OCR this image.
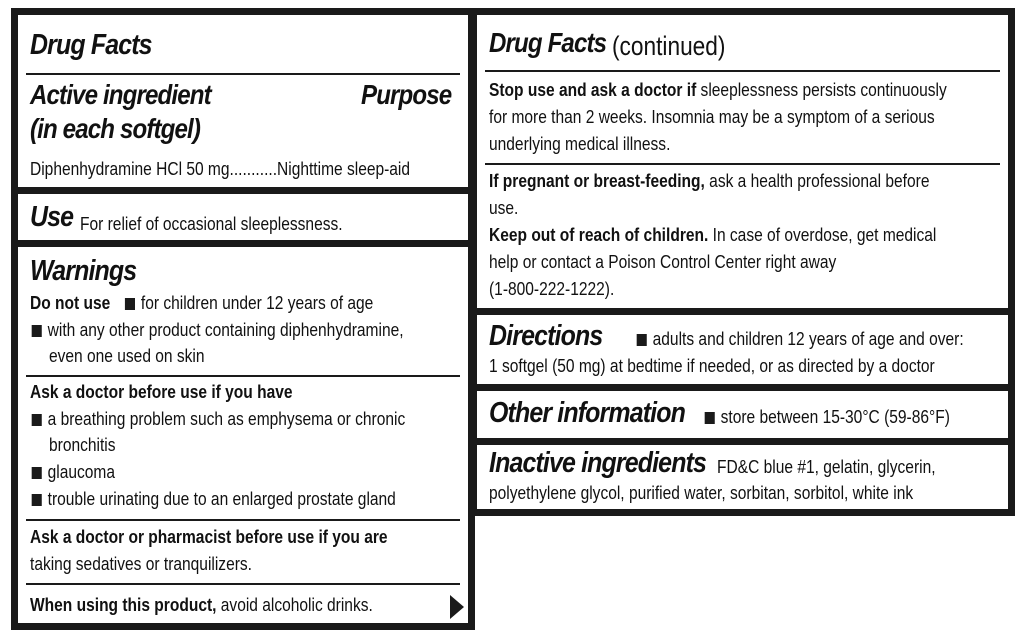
Drug Facts
Active ingredient
(in each softgel)
Purpose
Diphenhydramine HCl 50 mg...........Nighttime sleep-aid
Use For relief of occasional sleeplessness.
Warnings
Do not use for children under 12 years of age
with any other product containing diphenhydramine,
even one used on skin
Ask a doctor before use if you have
a breathing problem such as emphysema or chronic
bronchitis
glaucoma
trouble urinating due to an enlarged prostate gland
Ask a doctor or pharmacist before use if you are
taking sedatives or tranquilizers.
When using this product, avoid alcoholic drinks.
Drug Facts (continued)
Stop use and ask a doctor if sleeplessness persists continuously
for more than 2 weeks. Insomnia may be a symptom of a serious
underlying medical illness.
If pregnant or breast-feeding, ask a health professional before
use.
Keep out of reach of children. In case of overdose, get medical
help or contact a Poison Control Center right away
(1-800-222-1222).
Directions	adults and children 12 years of age and over:
1 softgel (50 mg) at bedtime if needed, or as directed by a doctor
Other information	store between 15-30°C (59-86°F)
Inactive ingredients FD&C blue #1, gelatin, glycerin,
polyethylene glycol, purified water, sorbitan, sorbitol, white ink
